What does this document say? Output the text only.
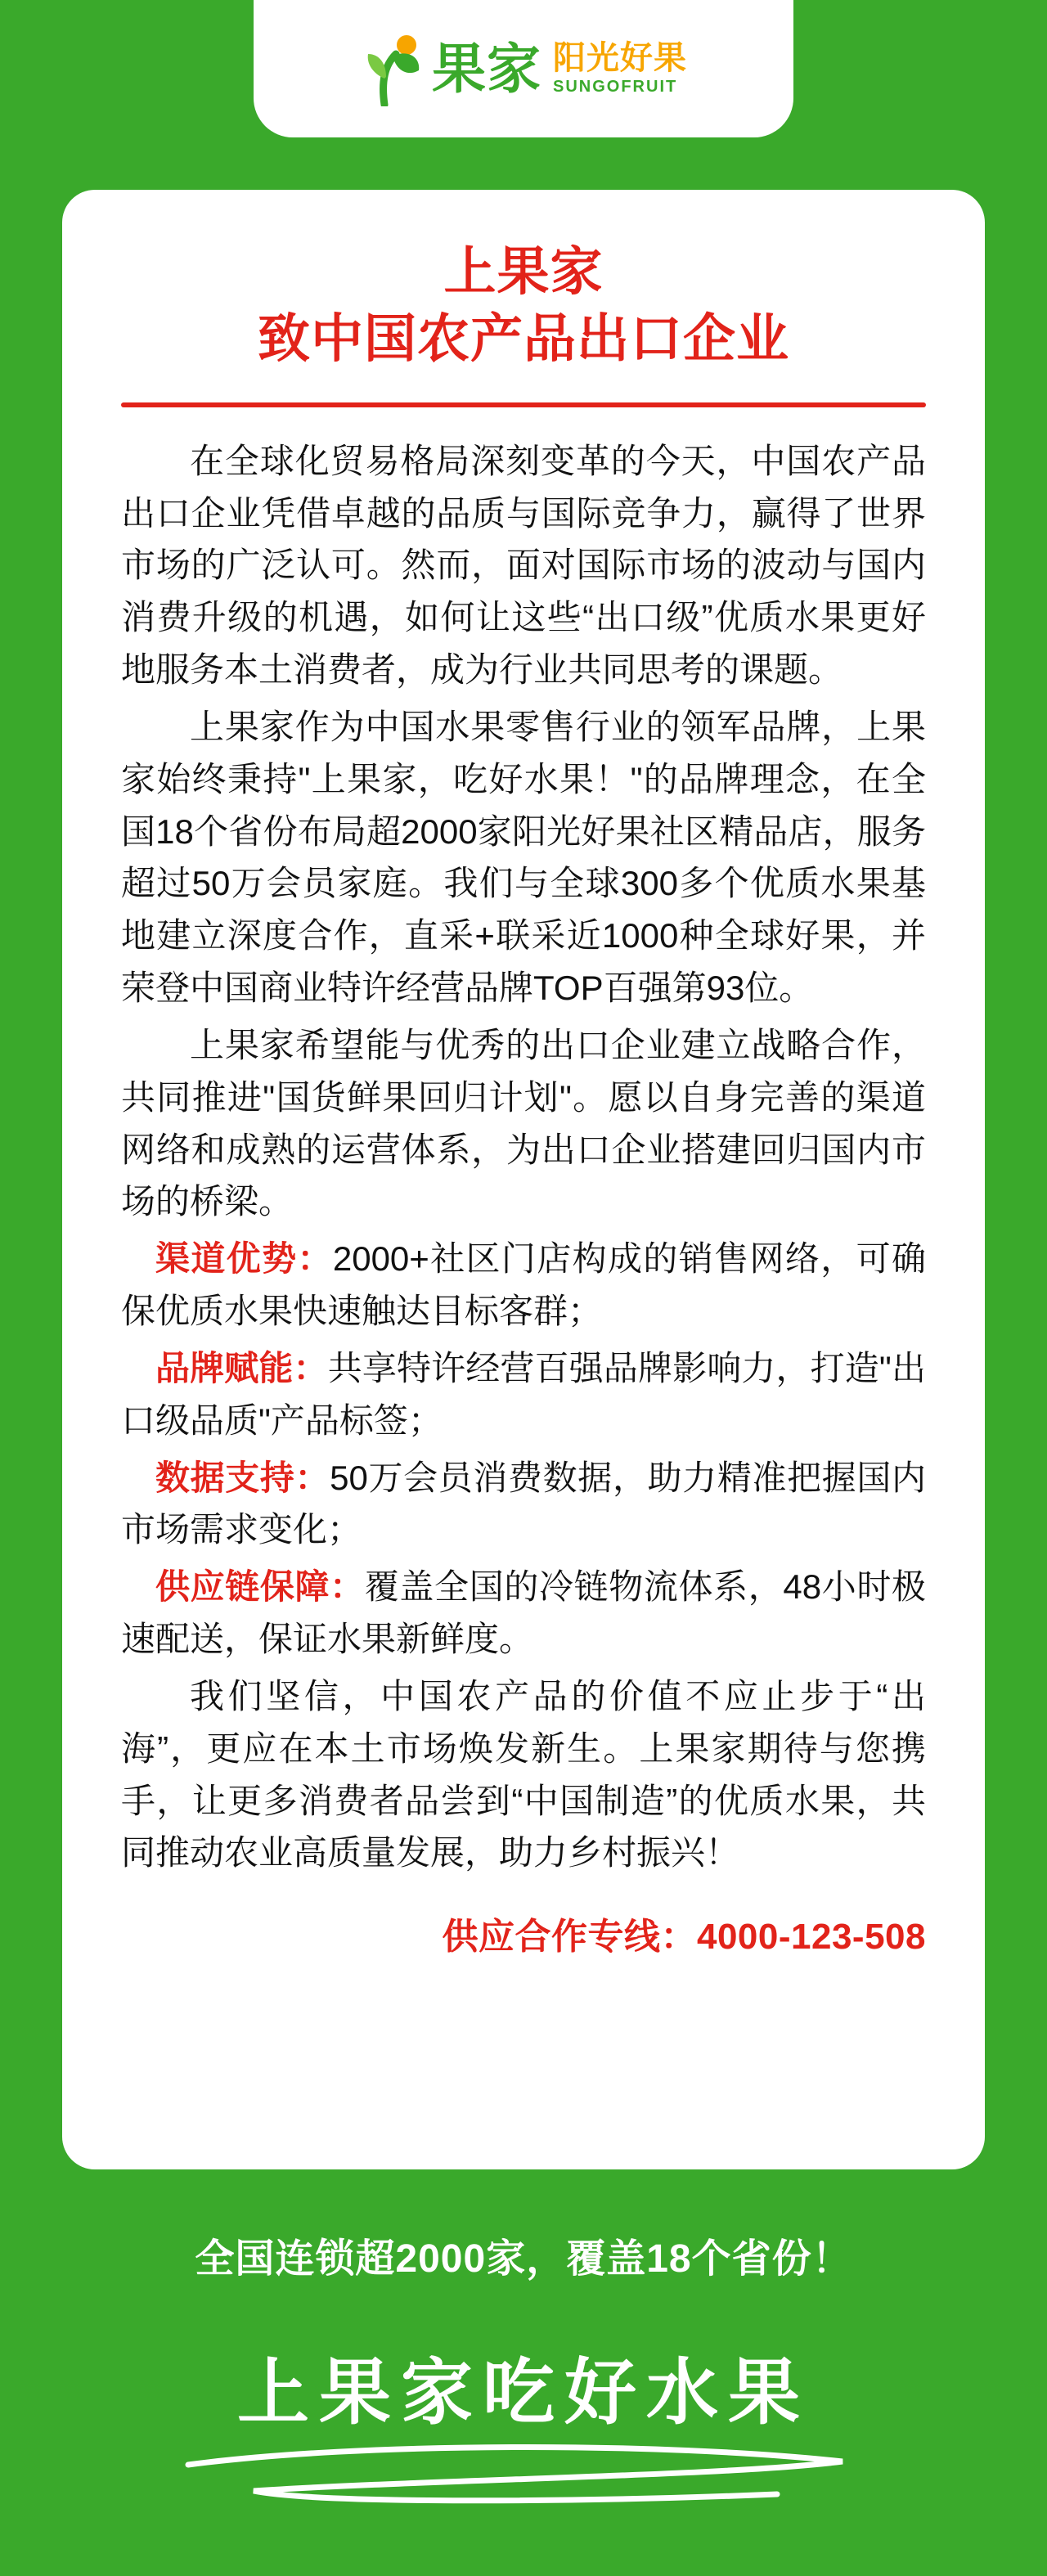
果家 阳光好果
SUNGOFRUIT
上果家
致中国农产品出口企业

在全球化贸易格局深刻变革的今天，中国农产品出口企业凭借卓越的品质与国际竞争力，赢得了世界市场的广泛认可。然而，面对国际市场的波动与国内消费升级的机遇，如何让这些“出口级”优质水果更好地服务本土消费者，成为行业共同思考的课题。

上果家作为中国水果零售行业的领军品牌，上果家始终秉持"上果家，吃好水果！"的品牌理念，在全国18个省份布局超2000家阳光好果社区精品店，服务超过50万会员家庭。我们与全球300多个优质水果基地建立深度合作，直采+联采近1000种全球好果，并荣登中国商业特许经营品牌TOP百强第93位。

上果家希望能与优秀的出口企业建立战略合作，共同推进"国货鲜果回归计划"。愿以自身完善的渠道网络和成熟的运营体系，为出口企业搭建回归国内市场的桥梁。

渠道优势：2000+社区门店构成的销售网络，可确保优质水果快速触达目标客群；

品牌赋能：共享特许经营百强品牌影响力，打造"出口级品质"产品标签；

数据支持：50万会员消费数据，助力精准把握国内市场需求变化；

供应链保障：覆盖全国的冷链物流体系，48小时极速配送，保证水果新鲜度。

我们坚信，中国农产品的价值不应止步于“出海”，更应在本土市场焕发新生。上果家期待与您携手，让更多消费者品尝到“中国制造”的优质水果，共同推动农业高质量发展，助力乡村振兴！

供应合作专线：4000-123-508
全国连锁超2000家，覆盖18个省份！
上果家吃好水果
